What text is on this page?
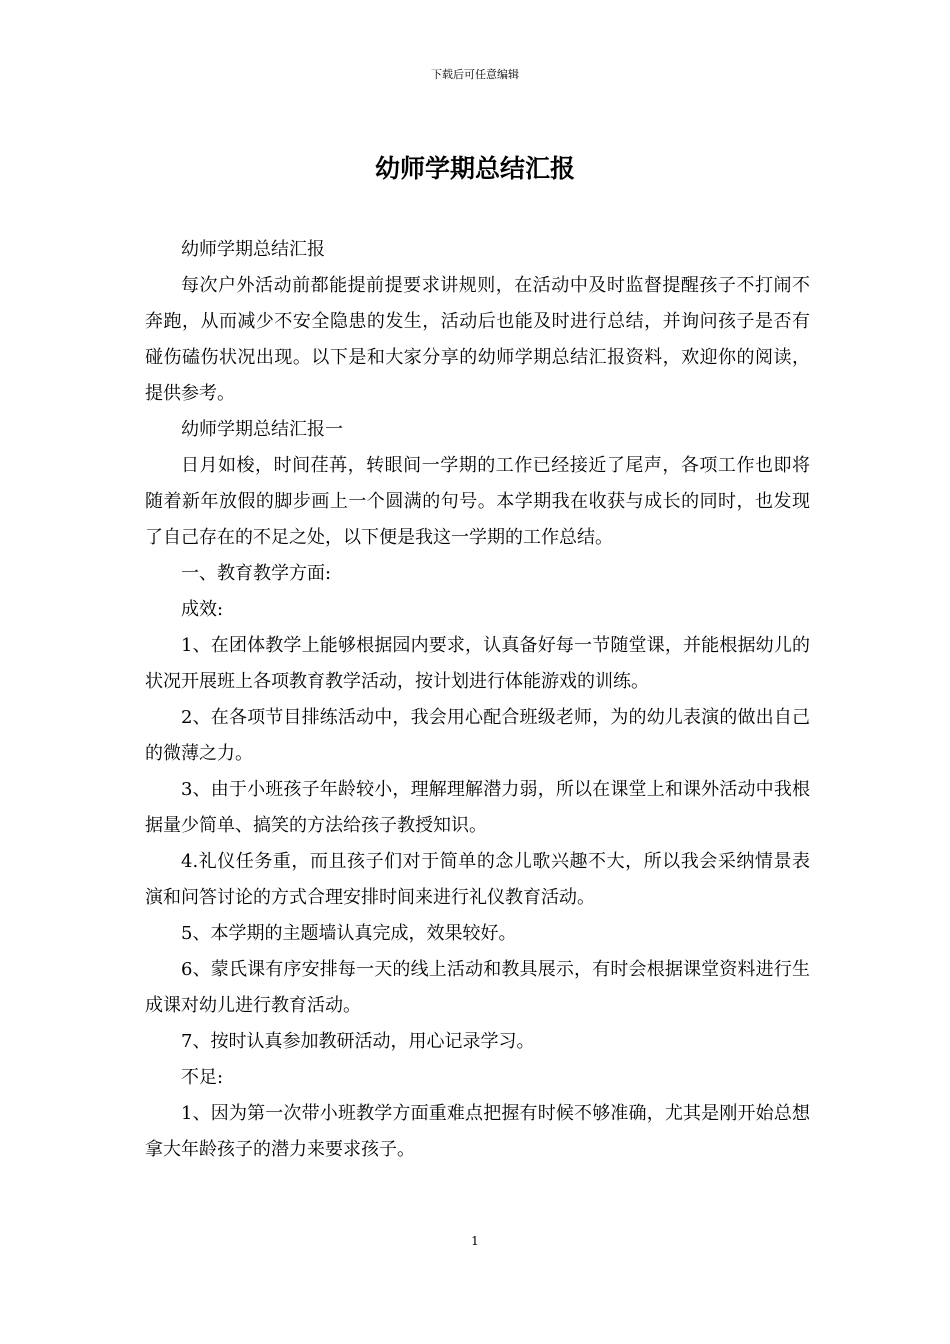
下载后可任意编辑
幼师学期总结汇报

幼师学期总结汇报

每次户外活动前都能提前提要求讲规则，在活动中及时监督提醒孩子不打闹不奔跑，从而减少不安全隐患的发生，活动后也能及时进行总结，并询问孩子是否有碰伤磕伤状况出现。以下是和大家分享的幼师学期总结汇报资料，欢迎你的阅读，提供参考。

幼师学期总结汇报一

日月如梭，时间荏苒，转眼间一学期的工作已经接近了尾声，各项工作也即将随着新年放假的脚步画上一个圆满的句号。本学期我在收获与成长的同时，也发现了自己存在的不足之处，以下便是我这一学期的工作总结。

一、教育教学方面:

成效:

1、在团体教学上能够根据园内要求，认真备好每一节随堂课，并能根据幼儿的状况开展班上各项教育教学活动，按计划进行体能游戏的训练。

2、在各项节目排练活动中，我会用心配合班级老师，为的幼儿表演的做出自己的微薄之力。

3、由于小班孩子年龄较小，理解理解潜力弱，所以在课堂上和课外活动中我根据量少简单、搞笑的方法给孩子教授知识。

4.礼仪任务重，而且孩子们对于简单的念儿歌兴趣不大，所以我会采纳情景表演和问答讨论的方式合理安排时间来进行礼仪教育活动。

5、本学期的主题墙认真完成，效果较好。

6、蒙氏课有序安排每一天的线上活动和教具展示，有时会根据课堂资料进行生成课对幼儿进行教育活动。

7、按时认真参加教研活动，用心记录学习。

不足:

1、因为第一次带小班教学方面重难点把握有时候不够准确，尤其是刚开始总想拿大年龄孩子的潜力来要求孩子。

1
